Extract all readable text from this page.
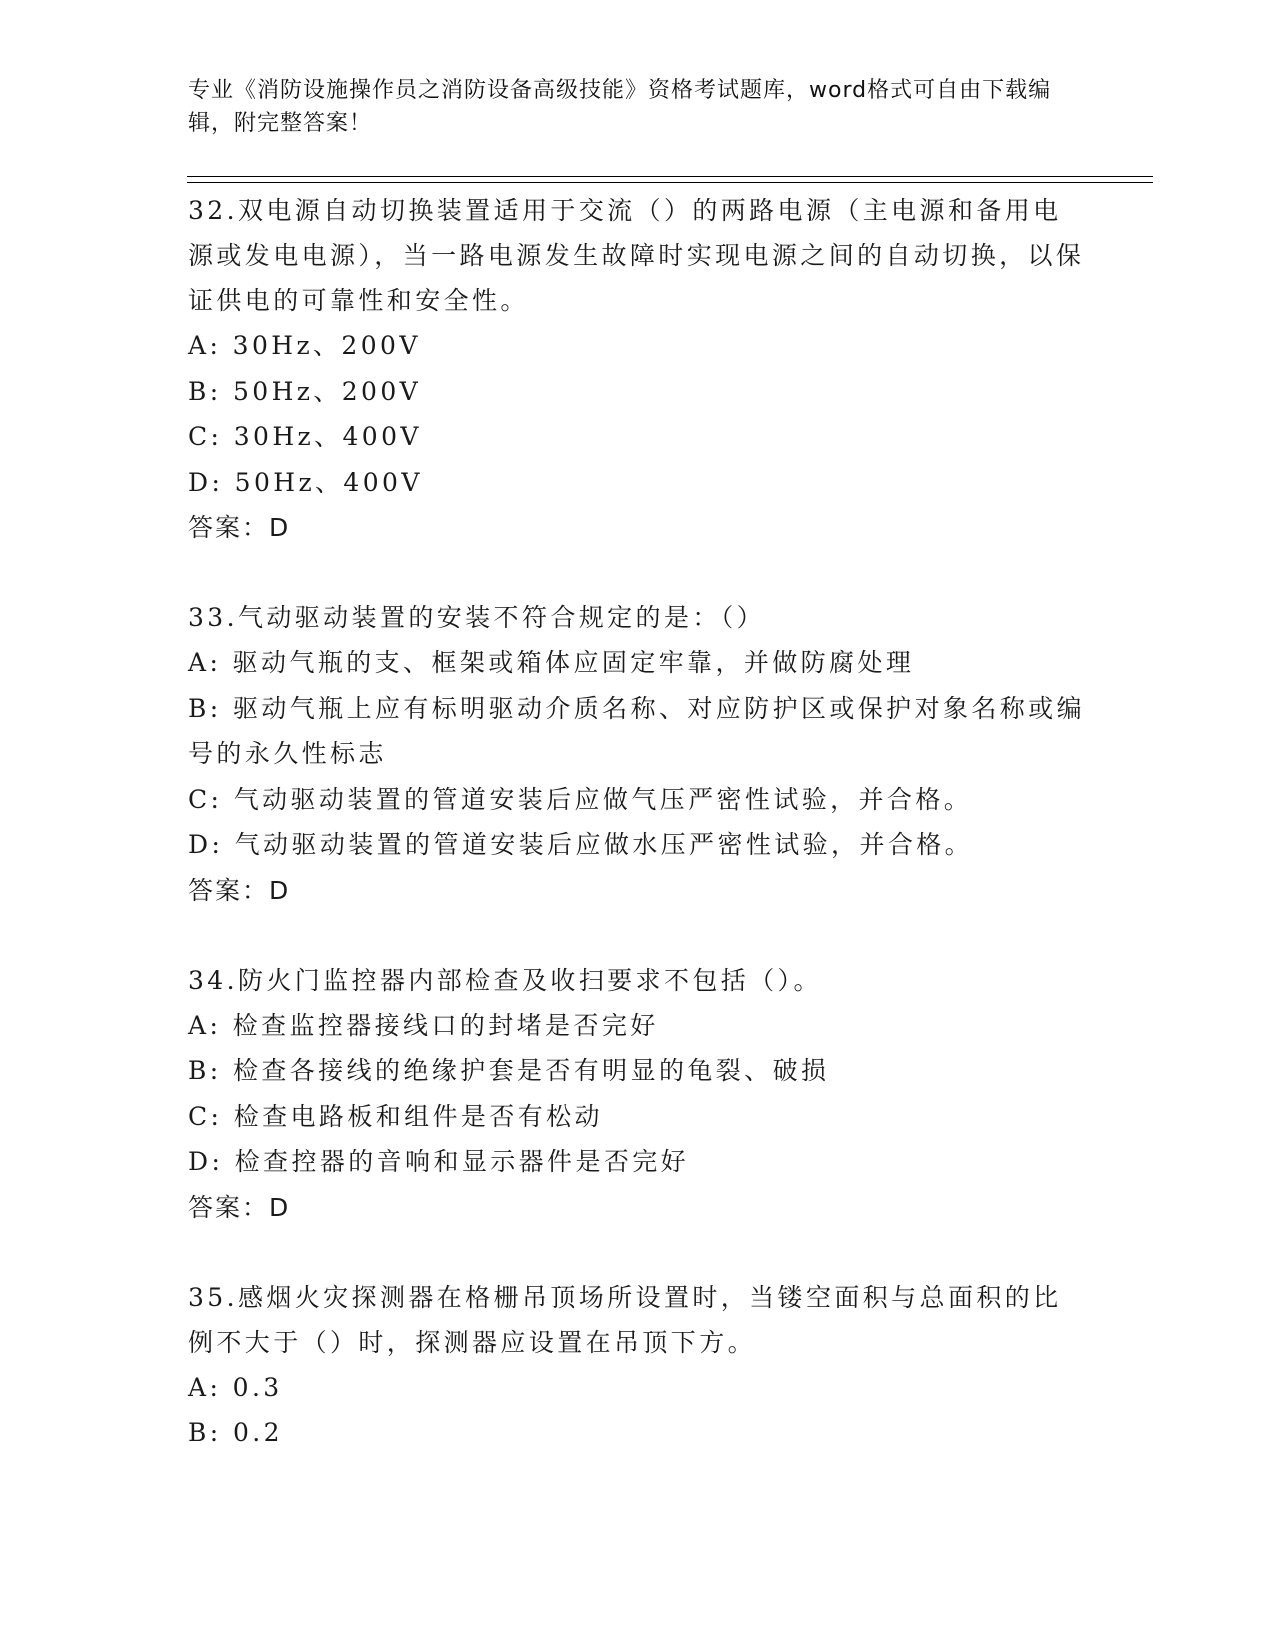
专业《消防设施操作员之消防设备高级技能》资格考试题库，word格式可自由下载编辑，附完整答案！

32.双电源自动切换装置适用于交流（）的两路电源（主电源和备用电源或发电电源），当一路电源发生故障时实现电源之间的自动切换，以保证供电的可靠性和安全性。

A: 30Hz、200V

B: 50Hz、200V

C: 30Hz、400V

D: 50Hz、400V

答案：D

33.气动驱动装置的安装不符合规定的是：（）

A: 驱动气瓶的支、框架或箱体应固定牢靠，并做防腐处理

B: 驱动气瓶上应有标明驱动介质名称、对应防护区或保护对象名称或编号的永久性标志

C: 气动驱动装置的管道安装后应做气压严密性试验，并合格。

D: 气动驱动装置的管道安装后应做水压严密性试验，并合格。

答案：D

34.防火门监控器内部检查及收扫要求不包括（）。

A: 检查监控器接线口的封堵是否完好

B: 检查各接线的绝缘护套是否有明显的龟裂、破损

C: 检查电路板和组件是否有松动

D: 检查控器的音响和显示器件是否完好

答案：D

35.感烟火灾探测器在格栅吊顶场所设置时，当镂空面积与总面积的比例不大于（）时，探测器应设置在吊顶下方。

A: 0.3

B: 0.2
